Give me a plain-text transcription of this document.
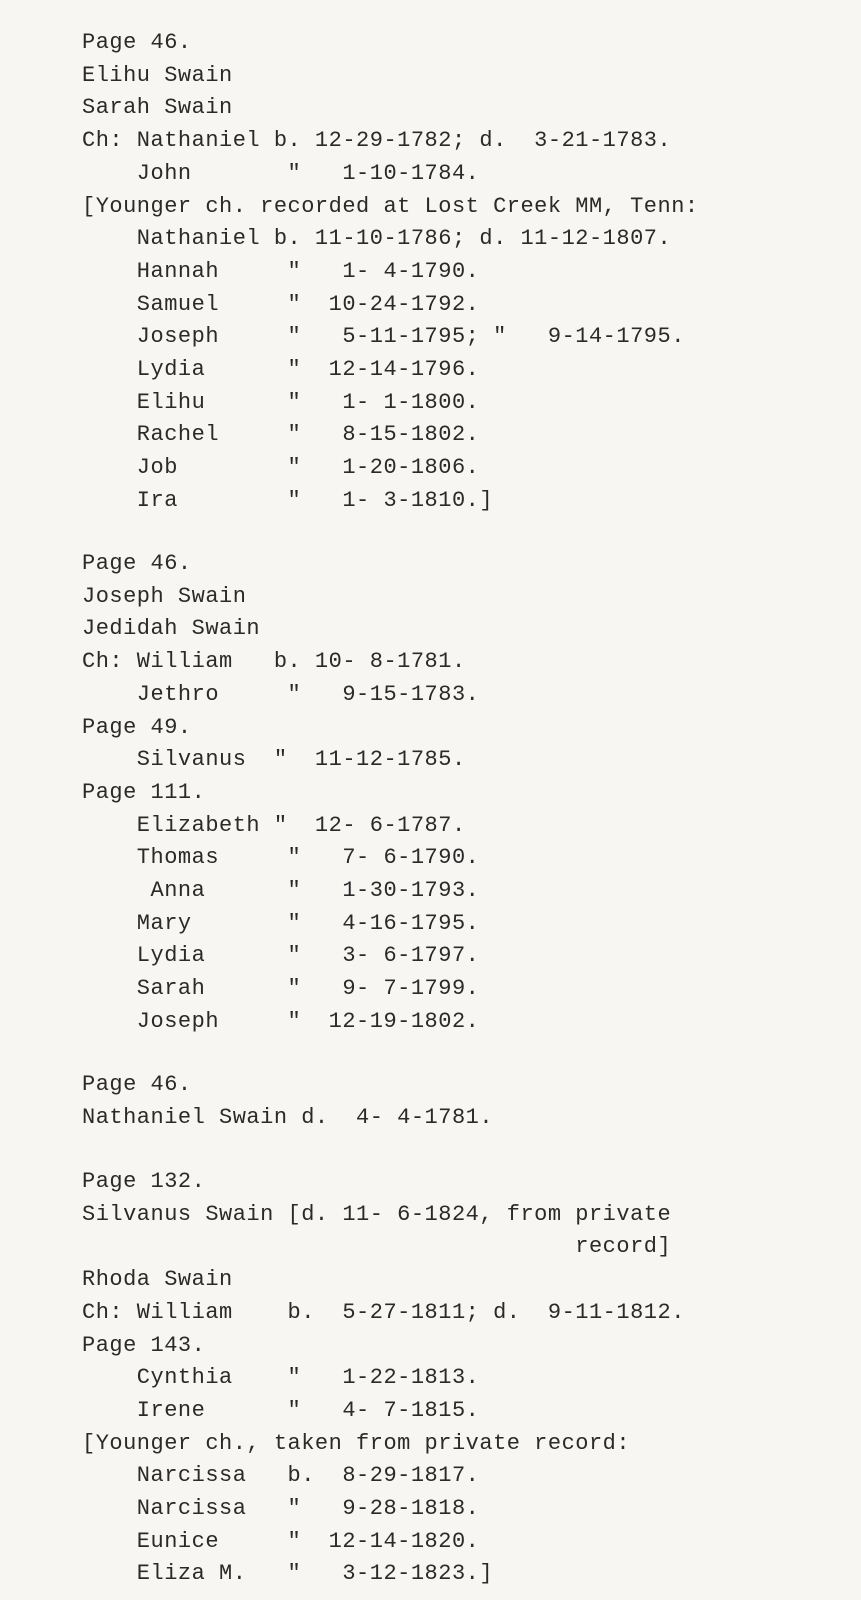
Page 46.
Elihu Swain
Sarah Swain
Ch: Nathaniel b. 12-29-1782; d.  3-21-1783.
John       "   1-10-1784.
[Younger ch. recorded at Lost Creek MM, Tenn:
Nathaniel b. 11-10-1786; d. 11-12-1807.
Hannah     "   1- 4-1790.
Samuel     "  10-24-1792.
Joseph     "   5-11-1795; "   9-14-1795.
Lydia      "  12-14-1796.
Elihu      "   1- 1-1800.
Rachel     "   8-15-1802.
Job        "   1-20-1806.
Ira        "   1- 3-1810.]
Page 46.
Joseph Swain
Jedidah Swain
Ch: William   b. 10- 8-1781.
Jethro     "   9-15-1783.
Page 49.
Silvanus  "  11-12-1785.
Page 111.
Elizabeth "  12- 6-1787.
Thomas     "   7- 6-1790.
Anna      "   1-30-1793.
Mary       "   4-16-1795.
Lydia      "   3- 6-1797.
Sarah      "   9- 7-1799.
Joseph     "  12-19-1802.
Page 46.
Nathaniel Swain d.  4- 4-1781.
Page 132.
Silvanus Swain [d. 11- 6-1824, from private
record]
Rhoda Swain
Ch: William    b.  5-27-1811; d.  9-11-1812.
Page 143.
Cynthia    "   1-22-1813.
Irene      "   4- 7-1815.
[Younger ch., taken from private record:
Narcissa   b.  8-29-1817.
Narcissa   "   9-28-1818.
Eunice     "  12-14-1820.
Eliza M.   "   3-12-1823.]
